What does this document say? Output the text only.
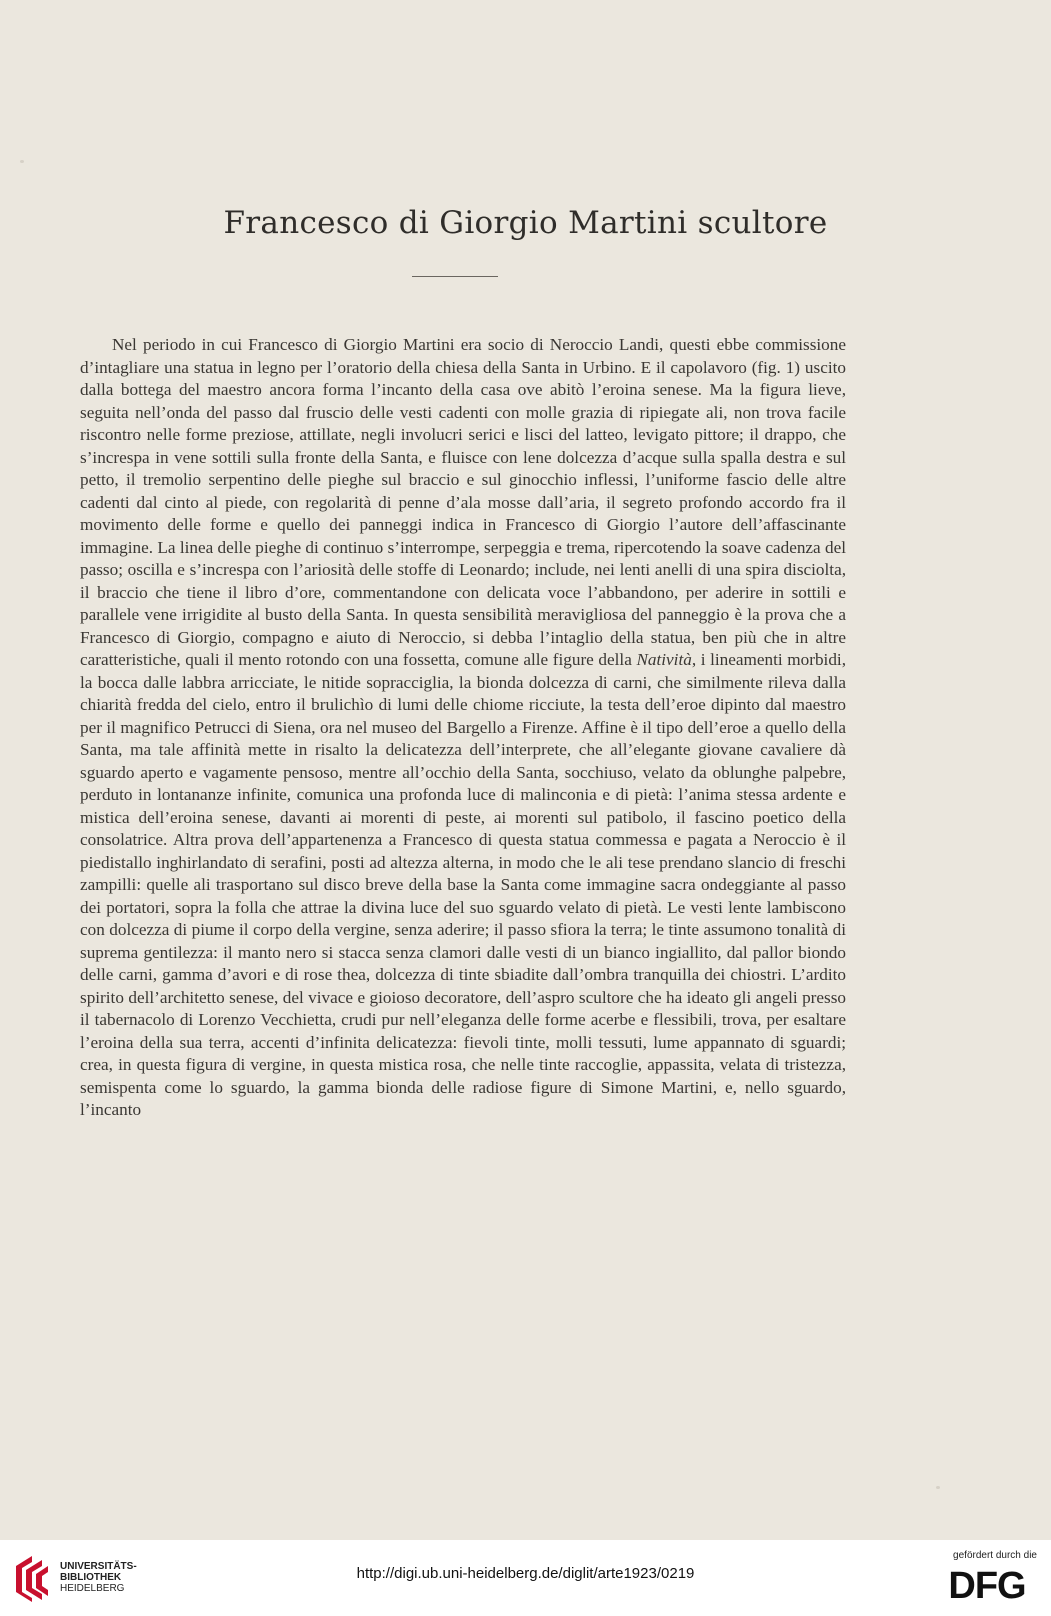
Francesco di Giorgio Martini scultore

Nel periodo in cui Francesco di Giorgio Martini era socio di Neroccio Landi, questi ebbe commissione d’intagliare una statua in legno per l’oratorio della chiesa della Santa in Urbino. E il capolavoro (fig. 1) uscito dalla bottega del maestro ancora forma l’incanto della casa ove abitò l’eroina senese. Ma la figura lieve, seguita nell’onda del passo dal fruscio delle vesti cadenti con molle grazia di ripiegate ali, non trova facile riscontro nelle forme preziose, attillate, negli involucri serici e lisci del latteo, levigato pittore; il drappo, che s’increspa in vene sottili sulla fronte della Santa, e fluisce con lene dolcezza d’acque sulla spalla destra e sul petto, il tremolio serpentino delle pieghe sul braccio e sul ginocchio inflessi, l’uniforme fascio delle altre cadenti dal cinto al piede, con regolarità di penne d’ala mosse dall’aria, il segreto profondo accordo fra il movimento delle forme e quello dei panneggi indica in Francesco di Giorgio l’autore dell’affascinante immagine. La linea delle pieghe di continuo s’interrompe, serpeggia e trema, ripercotendo la soave cadenza del passo; oscilla e s’increspa con l’ariosità delle stoffe di Leonardo; include, nei lenti anelli di una spira disciolta, il braccio che tiene il libro d’ore, commentandone con delicata voce l’abbandono, per aderire in sottili e parallele vene irrigidite al busto della Santa. In questa sensibilità meravigliosa del panneggio è la prova che a Francesco di Giorgio, compagno e aiuto di Neroccio, si debba l’intaglio della statua, ben più che in altre caratteristiche, quali il mento rotondo con una fossetta, comune alle figure della Natività, i lineamenti morbidi, la bocca dalle labbra arricciate, le nitide sopracciglia, la bionda dolcezza di carni, che similmente rileva dalla chiarità fredda del cielo, entro il brulichìo di lumi delle chiome ricciute, la testa dell’eroe dipinto dal maestro per il magnifico Petrucci di Siena, ora nel museo del Bargello a Firenze. Affine è il tipo dell’eroe a quello della Santa, ma tale affinità mette in risalto la delicatezza dell’interprete, che all’elegante giovane cavaliere dà sguardo aperto e vagamente pensoso, mentre all’occhio della Santa, socchiuso, velato da oblunghe palpebre, perduto in lontananze infinite, comunica una profonda luce di malinconia e di pietà: l’anima stessa ardente e mistica dell’eroina senese, davanti ai morenti di peste, ai morenti sul patibolo, il fascino poetico della consolatrice. Altra prova dell’appartenenza a Francesco di questa statua commessa e pagata a Neroccio è il piedistallo inghirlandato di serafini, posti ad altezza alterna, in modo che le ali tese prendano slancio di freschi zampilli: quelle ali trasportano sul disco breve della base la Santa come immagine sacra ondeggiante al passo dei portatori, sopra la folla che attrae la divina luce del suo sguardo velato di pietà. Le vesti lente lambiscono con dolcezza di piume il corpo della vergine, senza aderire; il passo sfiora la terra; le tinte assumono tonalità di suprema gentilezza: il manto nero si stacca senza clamori dalle vesti di un bianco ingiallito, dal pallor biondo delle carni, gamma d’avori e di rose thea, dolcezza di tinte sbiadite dall’ombra tranquilla dei chiostri. L’ardito spirito dell’architetto senese, del vivace e gioioso decoratore, dell’aspro scultore che ha ideato gli angeli presso il tabernacolo di Lorenzo Vecchietta, crudi pur nell’eleganza delle forme acerbe e flessibili, trova, per esaltare l’eroina della sua terra, accenti d’infinita delicatezza: fievoli tinte, molli tessuti, lume appannato di sguardi; crea, in questa figura di vergine, in questa mistica rosa, che nelle tinte raccoglie, appassita, velata di tristezza, semispenta come lo sguardo, la gamma bionda delle radiose figure di Simone Martini, e, nello sguardo, l’incanto

UNIVERSITÄTS-
BIBLIOTHEK
HEIDELBERG
http://digi.ub.uni-heidelberg.de/diglit/arte1923/0219
gefördert durch die
DFG
